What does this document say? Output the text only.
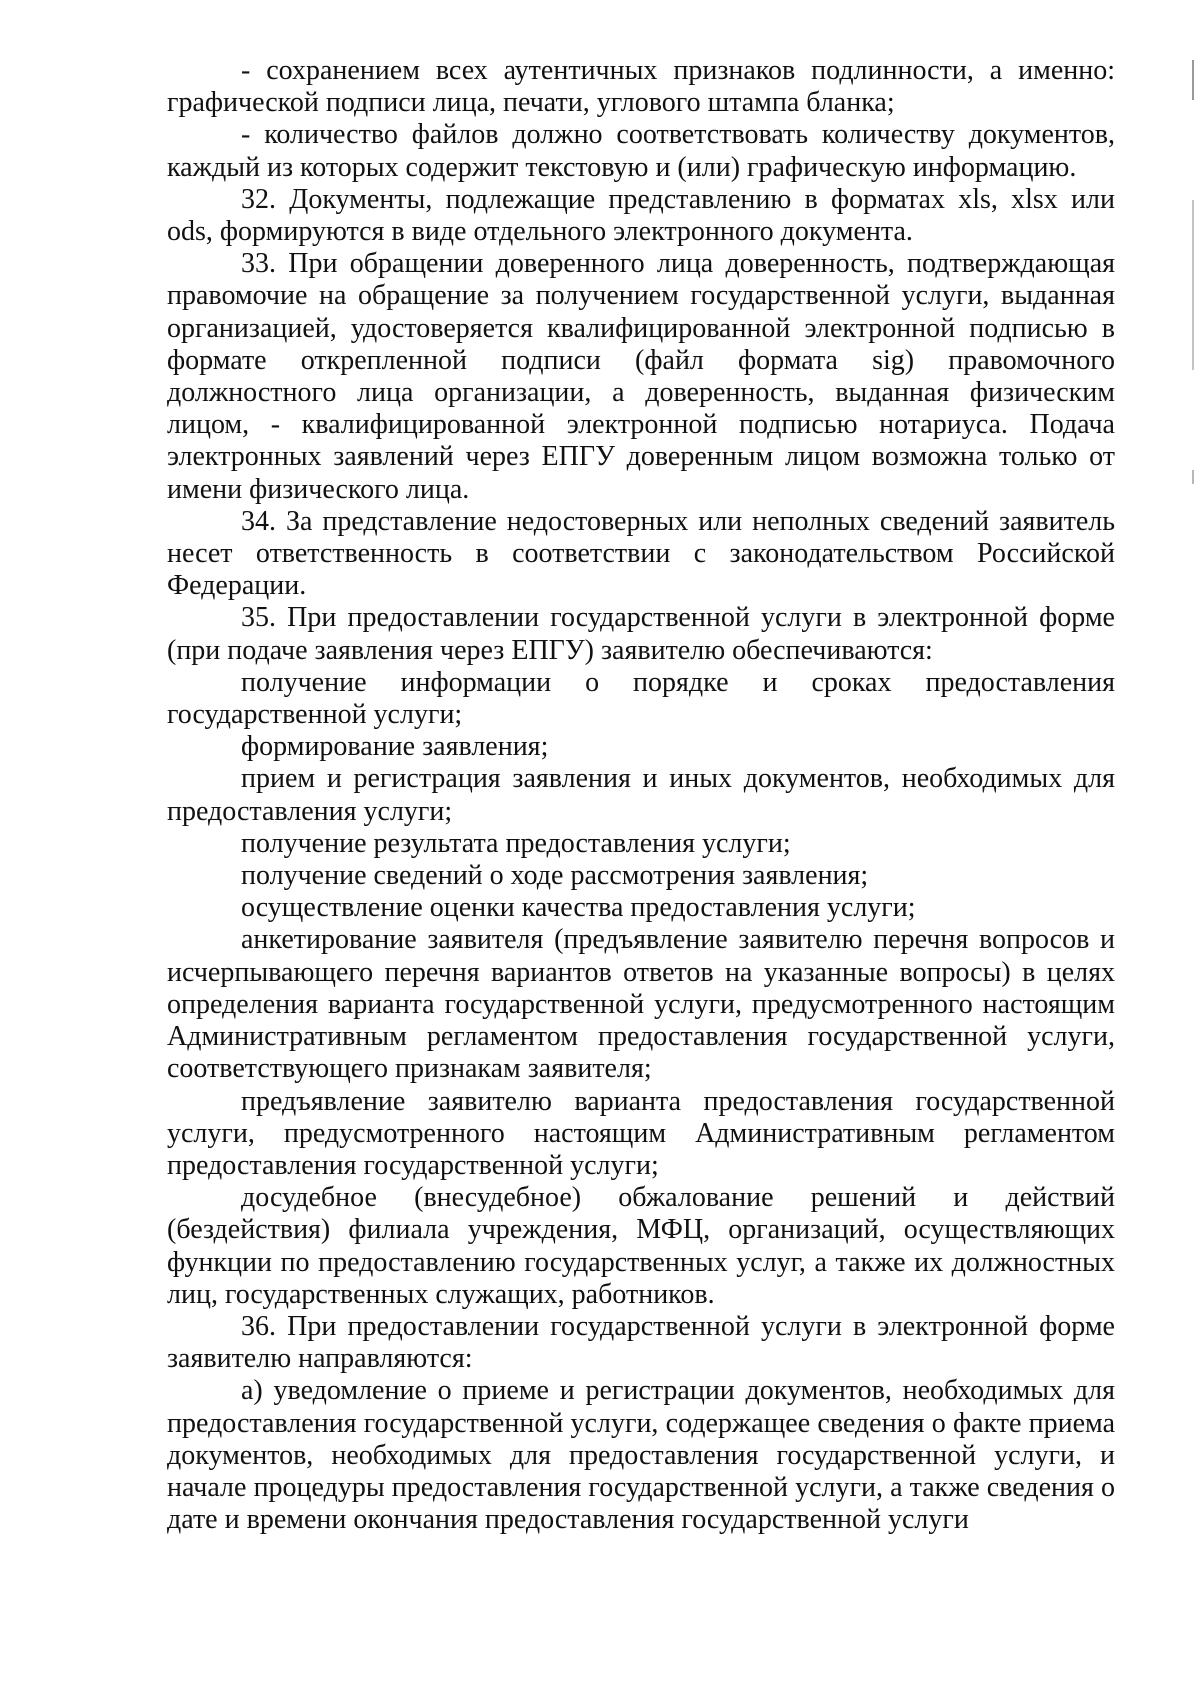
- сохранением всех аутентичных признаков подлинности, а именно: графической подписи лица, печати, углового штампа бланка;

- количество файлов должно соответствовать количеству документов, каждый из которых содержит текстовую и (или) графическую информацию.

32. Документы, подлежащие представлению в форматах xls, xlsx или ods, формируются в виде отдельного электронного документа.

33. При обращении доверенного лица доверенность, подтверждающая правомочие на обращение за получением государственной услуги, выданная организацией, удостоверяется квалифицированной электронной подписью в формате открепленной подписи (файл формата sig) правомочного должностного лица организации, а доверенность, выданная физическим лицом, - квалифицированной электронной подписью нотариуса. Подача электронных заявлений через ЕПГУ доверенным лицом возможна только от имени физического лица.

34. За представление недостоверных или неполных сведений заявитель несет ответственность в соответствии с законодательством Российской Федерации.

35. При предоставлении государственной услуги в электронной форме (при подаче заявления через ЕПГУ) заявителю обеспечиваются:

получение информации о порядке и сроках предоставления государственной услуги;

формирование заявления;

прием и регистрация заявления и иных документов, необходимых для предоставления услуги;

получение результата предоставления услуги;

получение сведений о ходе рассмотрения заявления;

осуществление оценки качества предоставления услуги;

анкетирование заявителя (предъявление заявителю перечня вопросов и исчерпывающего перечня вариантов ответов на указанные вопросы) в целях определения варианта государственной услуги, предусмотренного настоящим Административным регламентом предоставления государственной услуги, соответствующего признакам заявителя;

предъявление заявителю варианта предоставления государственной услуги, предусмотренного настоящим Административным регламентом предоставления государственной услуги;

досудебное (внесудебное) обжалование решений и действий (бездействия) филиала учреждения, МФЦ, организаций, осуществляющих функции по предоставлению государственных услуг, а также их должностных лиц, государственных служащих, работников.

36. При предоставлении государственной услуги в электронной форме заявителю направляются:

а) уведомление о приеме и регистрации документов, необходимых для предоставления государственной услуги, содержащее сведения о факте приема документов, необходимых для предоставления государственной услуги, и начале процедуры предоставления государственной услуги, а также сведения о дате и времени окончания предоставления государственной услуги
